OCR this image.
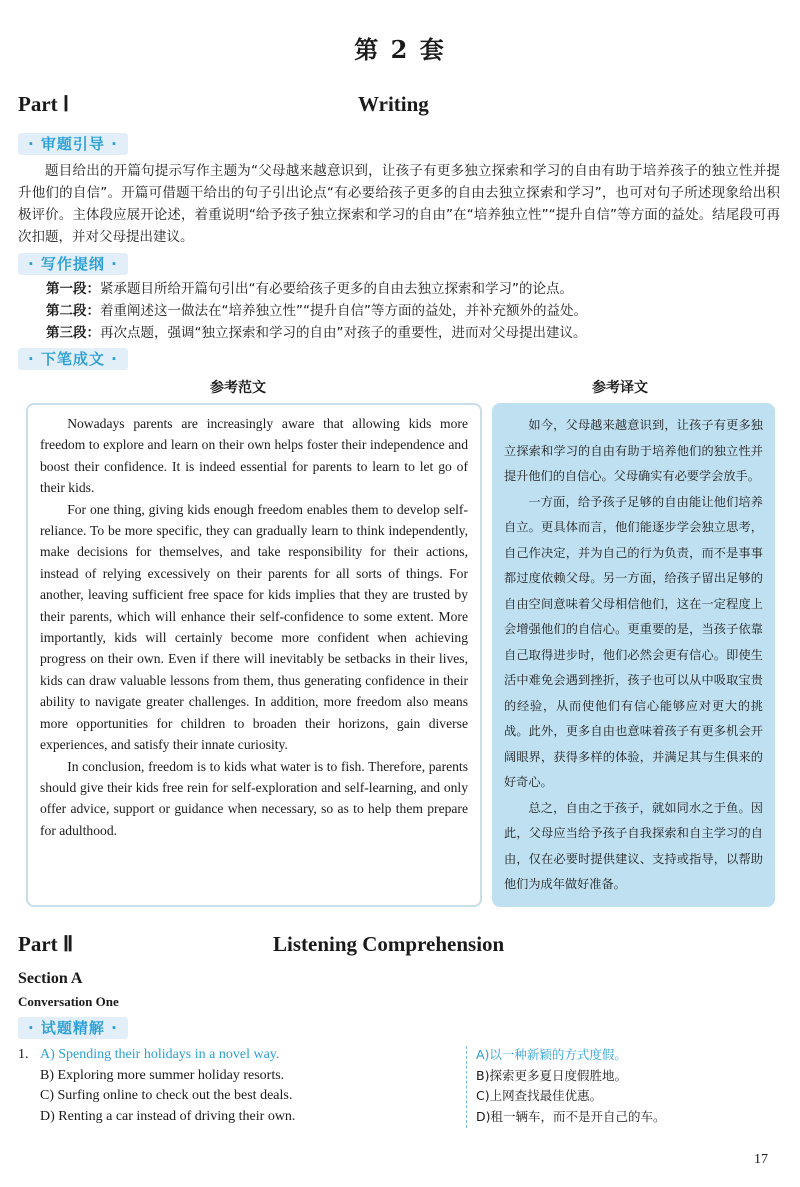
第 2 套
Part Ⅰ	Writing
· 审题引导 ·
题目给出的开篇句提示写作主题为“父母越来越意识到，让孩子有更多独立探索和学习的自由有助于培养孩子的独立性并提升他们的自信”。开篇可借题干给出的句子引出论点“有必要给孩子更多的自由去独立探索和学习”，也可对句子所述现象给出积极评价。主体段应展开论述，着重说明“给予孩子独立探索和学习的自由”在“培养独立性”“提升自信”等方面的益处。结尾段可再次扣题，并对父母提出建议。
· 写作提纲 ·

第一段：紧承题目所给开篇句引出“有必要给孩子更多的自由去独立探索和学习”的论点。

第二段：着重阐述这一做法在“培养独立性”“提升自信”等方面的益处，并补充额外的益处。

第三段：再次点题，强调“独立探索和学习的自由”对孩子的重要性，进而对父母提出建议。

· 下笔成文 ·
参考范文	参考译文

Nowadays parents are increasingly aware that allowing kids more freedom to explore and learn on their own helps foster their independence and boost their confidence. It is indeed essential for parents to learn to let go of their kids.

For one thing, giving kids enough freedom enables them to develop self-reliance. To be more specific, they can gradually learn to think independently, make decisions for themselves, and take responsibility for their actions, instead of relying excessively on their parents for all sorts of things. For another, leaving sufficient free space for kids implies that they are trusted by their parents, which will enhance their self-confidence to some extent. More importantly, kids will certainly become more confident when achieving progress on their own. Even if there will inevitably be setbacks in their lives, kids can draw valuable lessons from them, thus generating confidence in their ability to navigate greater challenges. In addition, more freedom also means more opportunities for children to broaden their horizons, gain diverse experiences, and satisfy their innate curiosity.

In conclusion, freedom is to kids what water is to fish. Therefore, parents should give their kids free rein for self-exploration and self-learning, and only offer advice, support or guidance when necessary, so as to help them prepare for adulthood.

如今，父母越来越意识到，让孩子有更多独立探索和学习的自由有助于培养他们的独立性并提升他们的自信心。父母确实有必要学会放手。

一方面，给予孩子足够的自由能让他们培养自立。更具体而言，他们能逐步学会独立思考，自己作决定，并为自己的行为负责，而不是事事都过度依赖父母。另一方面，给孩子留出足够的自由空间意味着父母相信他们，这在一定程度上会增强他们的自信心。更重要的是，当孩子依靠自己取得进步时，他们必然会更有信心。即使生活中难免会遇到挫折，孩子也可以从中吸取宝贵的经验，从而使他们有信心能够应对更大的挑战。此外，更多自由也意味着孩子有更多机会开阔眼界，获得多样的体验，并满足其与生俱来的好奇心。

总之，自由之于孩子，就如同水之于鱼。因此，父母应当给予孩子自我探索和自主学习的自由，仅在必要时提供建议、支持或指导，以帮助他们为成年做好准备。

Part Ⅱ	Listening Comprehension
Section A
Conversation One
· 试题精解 ·
1. A) Spending their holidays in a novel way.
B) Exploring more summer holiday resorts.
C) Surfing online to check out the best deals.
D) Renting a car instead of driving their own.
A)以一种新颖的方式度假。
B)探索更多夏日度假胜地。
C)上网查找最佳优惠。
D)租一辆车，而不是开自己的车。
17
